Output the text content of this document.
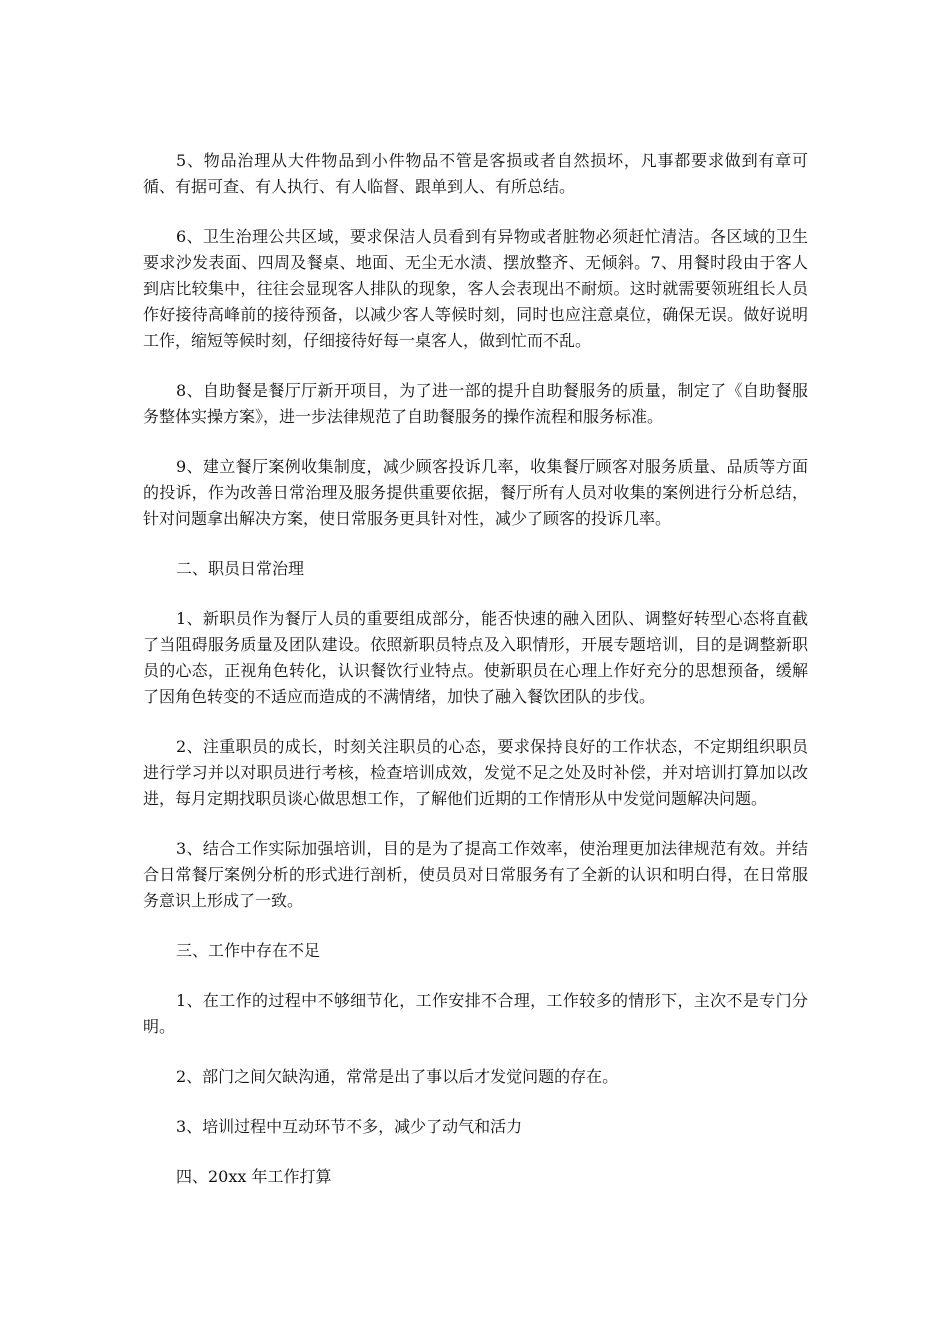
5、物品治理从大件物品到小件物品不管是客损或者自然损坏，凡事都要求做到有章可循、有据可查、有人执行、有人临督、跟单到人、有所总结。

6、卫生治理公共区域，要求保洁人员看到有异物或者脏物必须赶忙清洁。各区域的卫生要求沙发表面、四周及餐桌、地面、无尘无水渍、摆放整齐、无倾斜。7、用餐时段由于客人到店比较集中，往往会显现客人排队的现象，客人会表现出不耐烦。这时就需要领班组长人员作好接待高峰前的接待预备，以减少客人等候时刻，同时也应注意桌位，确保无误。做好说明工作，缩短等候时刻，仔细接待好每一桌客人，做到忙而不乱。

8、自助餐是餐厅厅新开项目，为了进一部的提升自助餐服务的质量，制定了《自助餐服务整体实操方案》，进一步法律规范了自助餐服务的操作流程和服务标准。

9、建立餐厅案例收集制度，减少顾客投诉几率，收集餐厅顾客对服务质量、品质等方面的投诉，作为改善日常治理及服务提供重要依据，餐厅所有人员对收集的案例进行分析总结，针对问题拿出解决方案，使日常服务更具针对性，减少了顾客的投诉几率。

二、职员日常治理

1、新职员作为餐厅人员的重要组成部分，能否快速的融入团队、调整好转型心态将直截了当阻碍服务质量及团队建设。依照新职员特点及入职情形，开展专题培训，目的是调整新职员的心态，正视角色转化，认识餐饮行业特点。使新职员在心理上作好充分的思想预备，缓解了因角色转变的不适应而造成的不满情绪，加快了融入餐饮团队的步伐。

2、注重职员的成长，时刻关注职员的心态，要求保持良好的工作状态，不定期组织职员进行学习并以对职员进行考核，检查培训成效，发觉不足之处及时补偿，并对培训打算加以改进，每月定期找职员谈心做思想工作，了解他们近期的工作情形从中发觉问题解决问题。

3、结合工作实际加强培训，目的是为了提高工作效率，使治理更加法律规范有效。并结合日常餐厅案例分析的形式进行剖析，使员员对日常服务有了全新的认识和明白得，在日常服务意识上形成了一致。

三、工作中存在不足

1、在工作的过程中不够细节化，工作安排不合理，工作较多的情形下，主次不是专门分明。

2、部门之间欠缺沟通，常常是出了事以后才发觉问题的存在。

3、培训过程中互动环节不多，减少了动气和活力

四、20xx 年工作打算
